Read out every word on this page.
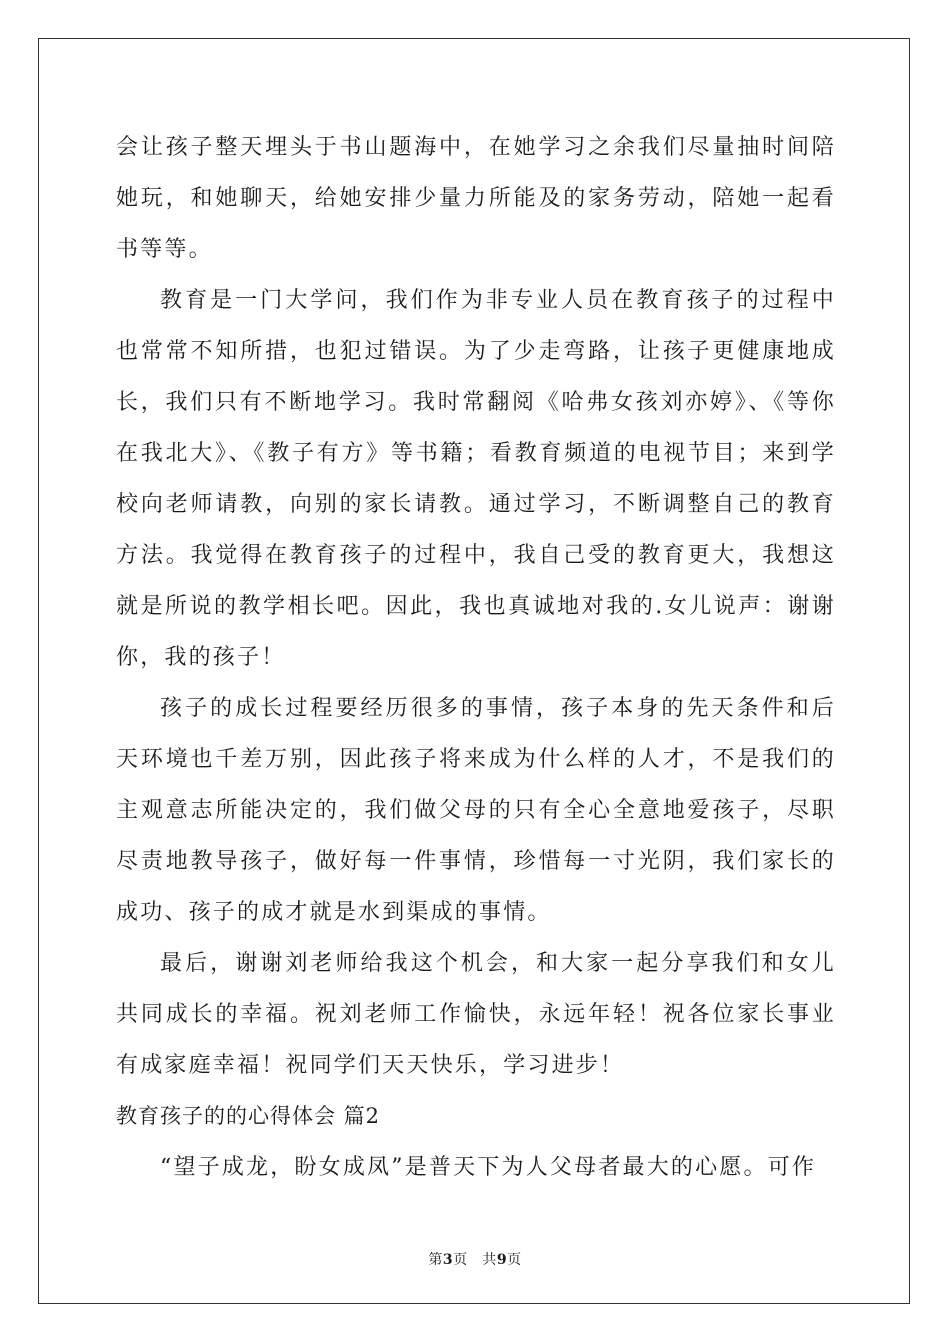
会让孩子整天埋头于书山题海中，在她学习之余我们尽量抽时间陪她玩，和她聊天，给她安排少量力所能及的家务劳动，陪她一起看书等等。

教育是一门大学问，我们作为非专业人员在教育孩子的过程中也常常不知所措，也犯过错误。为了少走弯路，让孩子更健康地成长，我们只有不断地学习。我时常翻阅《哈弗女孩刘亦婷》、《等你在我北大》、《教子有方》等书籍；看教育频道的电视节目；来到学校向老师请教，向别的家长请教。通过学习，不断调整自己的教育方法。我觉得在教育孩子的过程中，我自己受的教育更大，我想这就是所说的教学相长吧。因此，我也真诚地对我的.女儿说声：谢谢你，我的孩子！

孩子的成长过程要经历很多的事情，孩子本身的先天条件和后天环境也千差万别，因此孩子将来成为什么样的人才，不是我们的主观意志所能决定的，我们做父母的只有全心全意地爱孩子，尽职尽责地教导孩子，做好每一件事情，珍惜每一寸光阴，我们家长的成功、孩子的成才就是水到渠成的事情。

最后，谢谢刘老师给我这个机会，和大家一起分享我们和女儿共同成长的幸福。祝刘老师工作愉快，永远年轻！祝各位家长事业有成家庭幸福！祝同学们天天快乐，学习进步！

教育孩子的的心得体会 篇2

“望子成龙，盼女成凤”是普天下为人父母者最大的心愿。可作

第3页 共9页
